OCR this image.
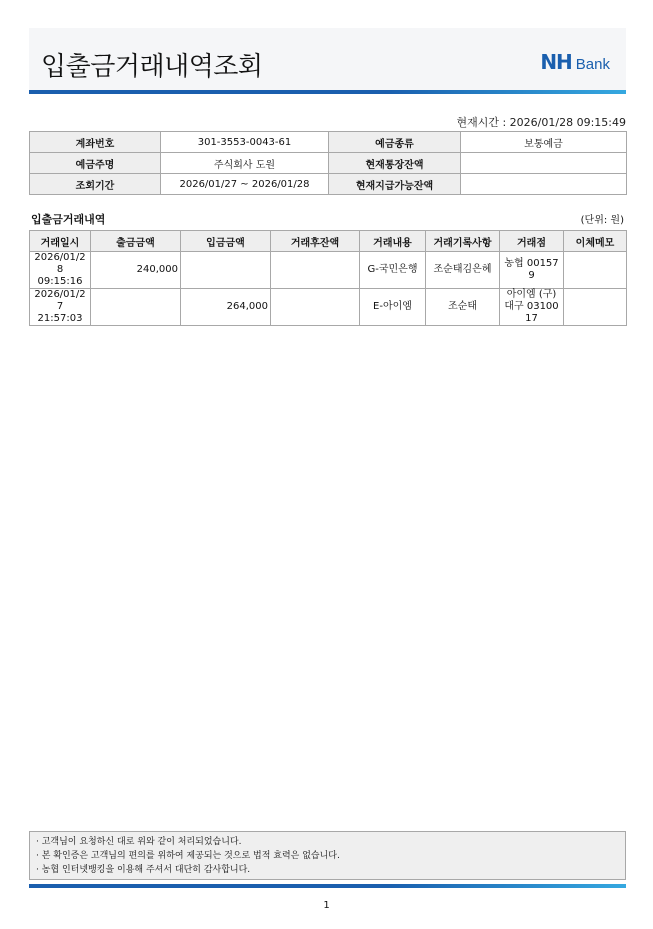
입출금거래내역조회	NH Bank
현재시간 : 2026/01/28 09:15:49
계좌번호	301-3553-0043-61	예금종류	보통예금
예금주명	주식회사 도원	현재통장잔액	
조회기간	2026/01/27 ~ 2026/01/28	현재지급가능잔액	
입출금거래내역	(단위: 원)
거래일시	출금금액	입금금액	거래후잔액	거래내용	거래기록사항	거래점	이체메모

2026/01/28
09:15:16	240,000			G-국민은행	조순태김은혜	농협 001579	

2026/01/27
21:57:03		264,000		E-아이엠	조순태	아이엠 (구)대구 0310017	
· 고객님이 요청하신 대로 위와 같이 처리되었습니다.
· 본 확인증은 고객님의 편의를 위하여 제공되는 것으로 법적 효력은 없습니다.
· 농협 인터넷뱅킹을 이용해 주셔서 대단히 감사합니다.
1
